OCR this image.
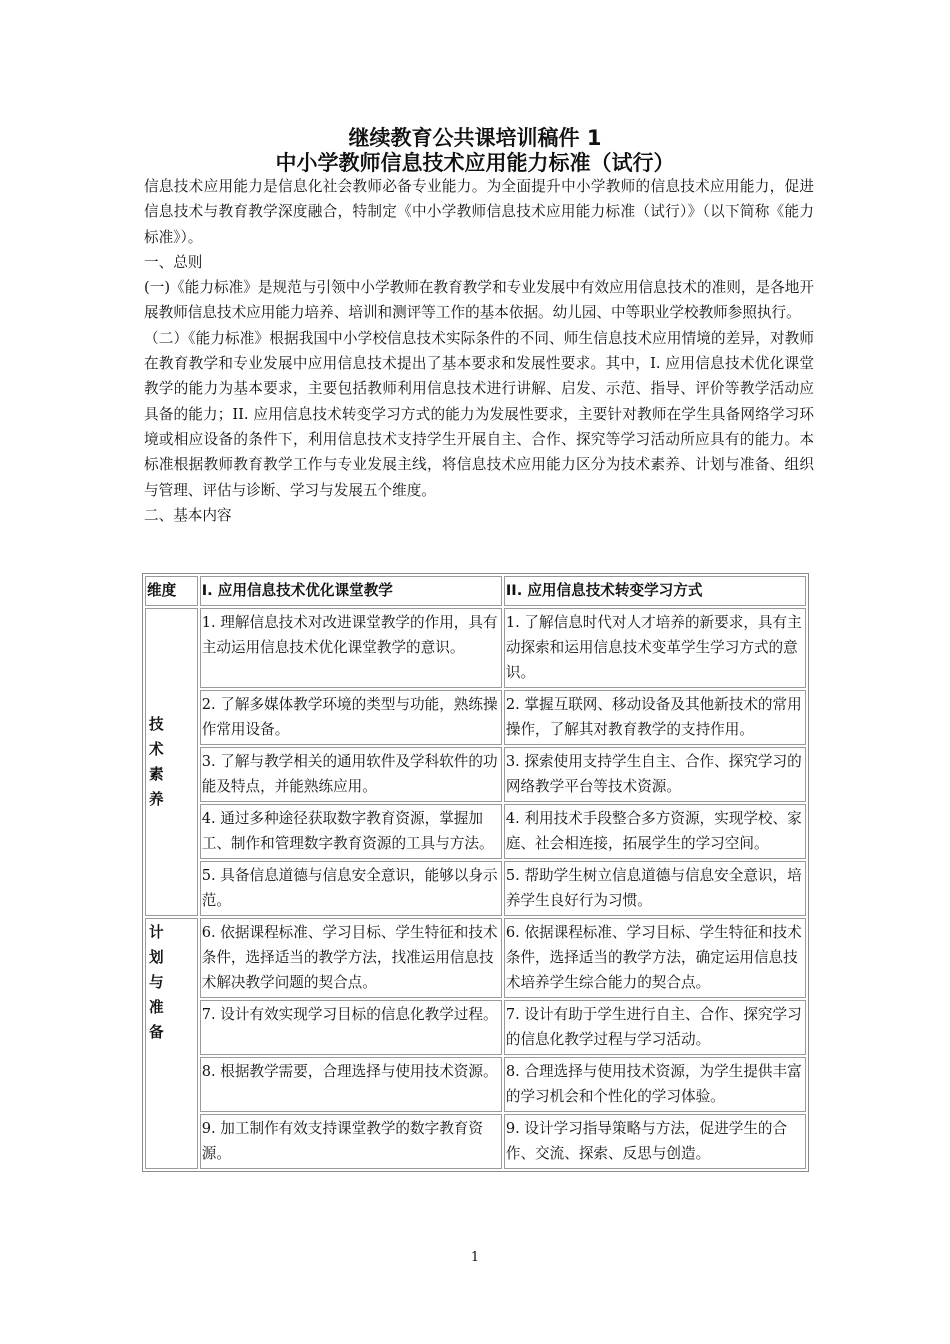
继续教育公共课培训稿件 1
中小学教师信息技术应用能力标准（试行）

信息技术应用能力是信息化社会教师必备专业能力。为全面提升中小学教师的信息技术应用能力，促进信息技术与教育教学深度融合，特制定《中小学教师信息技术应用能力标准（试行）》（以下简称《能力标准》）。

一、总则

(一)《能力标准》是规范与引领中小学教师在教育教学和专业发展中有效应用信息技术的准则，是各地开展教师信息技术应用能力培养、培训和测评等工作的基本依据。幼儿园、中等职业学校教师参照执行。

（二）《能力标准》根据我国中小学校信息技术实际条件的不同、师生信息技术应用情境的差异，对教师在教育教学和专业发展中应用信息技术提出了基本要求和发展性要求。其中，I. 应用信息技术优化课堂教学的能力为基本要求，主要包括教师利用信息技术进行讲解、启发、示范、指导、评价等教学活动应具备的能力；II. 应用信息技术转变学习方式的能力为发展性要求，主要针对教师在学生具备网络学习环境或相应设备的条件下，利用信息技术支持学生开展自主、合作、探究等学习活动所应具有的能力。本标准根据教师教育教学工作与专业发展主线，将信息技术应用能力区分为技术素养、计划与准备、组织与管理、评估与诊断、学习与发展五个维度。

二、基本内容

维度	I. 应用信息技术优化课堂教学	II. 应用信息技术转变学习方式

技术素养	1. 理解信息技术对改进课堂教学的作用，具有主动运用信息技术优化课堂教学的意识。	1. 了解信息时代对人才培养的新要求，具有主动探索和运用信息技术变革学生学习方式的意识。
	2. 了解多媒体教学环境的类型与功能，熟练操作常用设备。	2. 掌握互联网、移动设备及其他新技术的常用操作，了解其对教育教学的支持作用。
	3. 了解与教学相关的通用软件及学科软件的功能及特点，并能熟练应用。	3. 探索使用支持学生自主、合作、探究学习的网络教学平台等技术资源。
	4. 通过多种途径获取数字教育资源，掌握加工、制作和管理数字教育资源的工具与方法。	4. 利用技术手段整合多方资源，实现学校、家庭、社会相连接，拓展学生的学习空间。
	5. 具备信息道德与信息安全意识，能够以身示范。	5. 帮助学生树立信息道德与信息安全意识，培养学生良好行为习惯。

计划与准备	6. 依据课程标准、学习目标、学生特征和技术条件，选择适当的教学方法，找准运用信息技术解决教学问题的契合点。	6. 依据课程标准、学习目标、学生特征和技术条件，选择适当的教学方法，确定运用信息技术培养学生综合能力的契合点。
	7. 设计有效实现学习目标的信息化教学过程。	7. 设计有助于学生进行自主、合作、探究学习的信息化教学过程与学习活动。
	8. 根据教学需要，合理选择与使用技术资源。	8. 合理选择与使用技术资源，为学生提供丰富的学习机会和个性化的学习体验。
	9. 加工制作有效支持课堂教学的数字教育资源。	9. 设计学习指导策略与方法，促进学生的合作、交流、探索、反思与创造。
1
